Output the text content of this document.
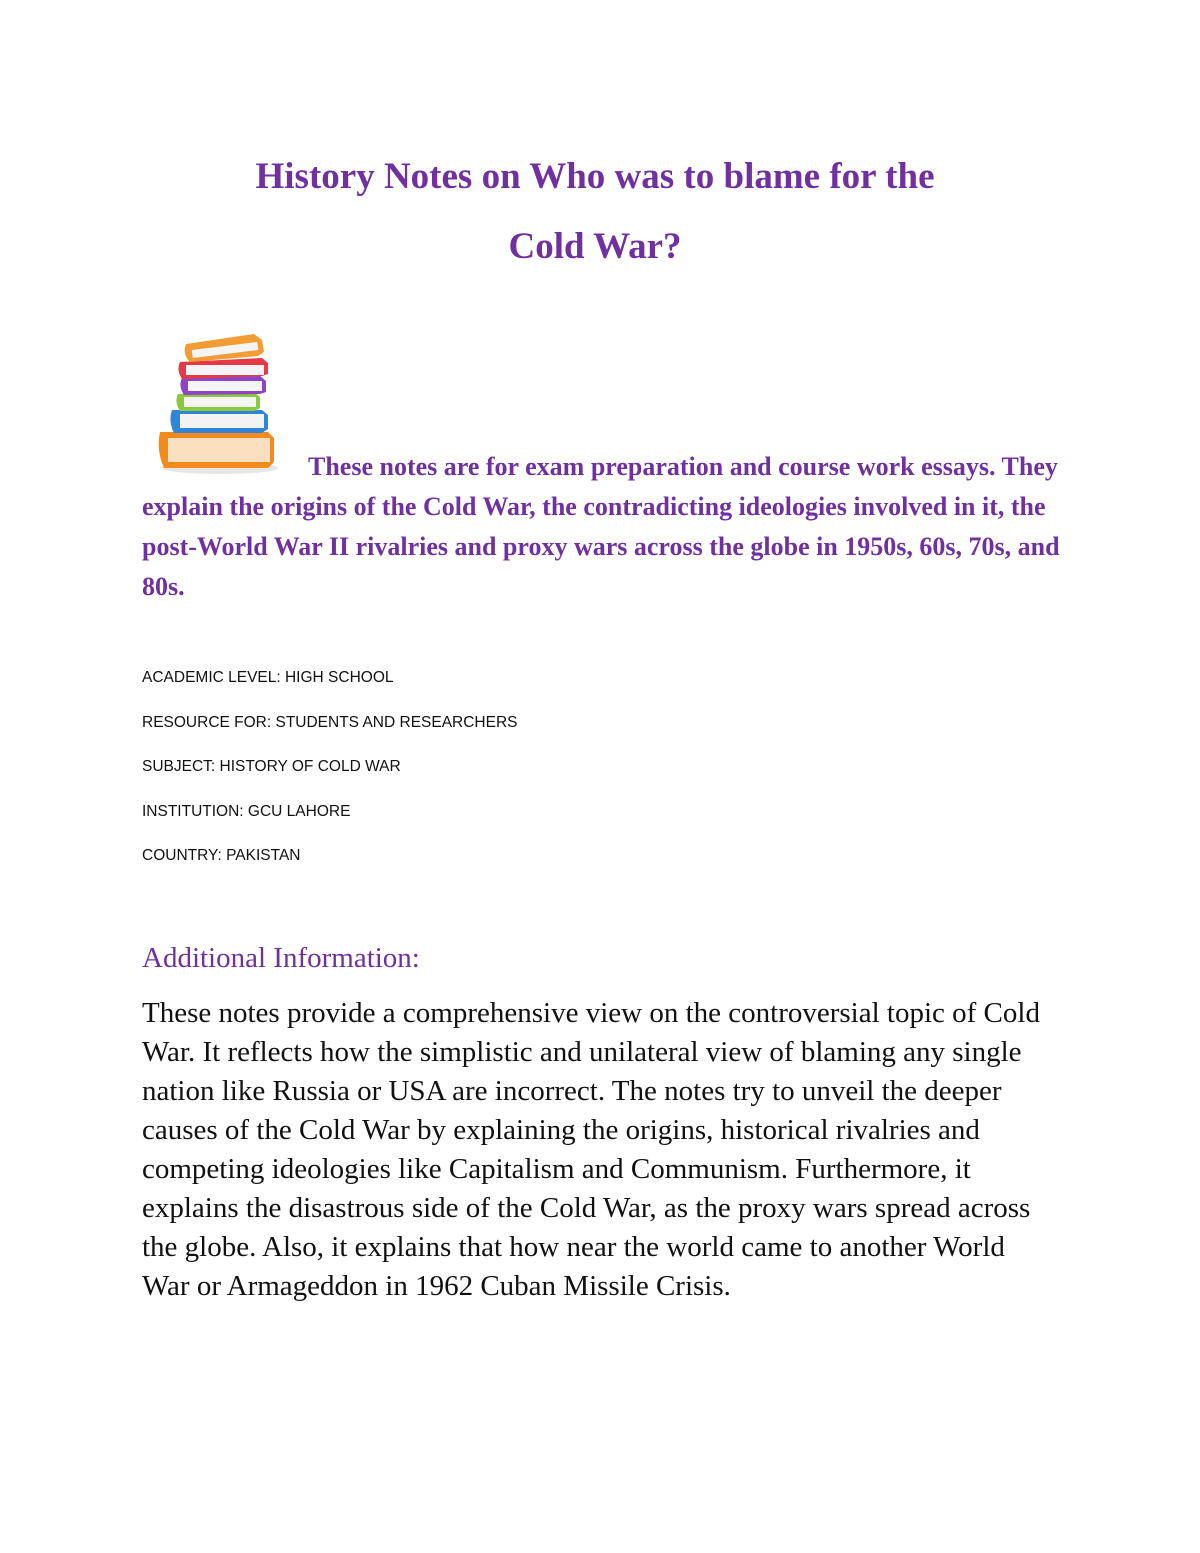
History Notes on Who was to blame for the
Cold War?

These notes are for exam preparation and course work essays. They explain the origins of the Cold War, the contradicting ideologies involved in it, the post-World War II rivalries and proxy wars across the globe in 1950s, 60s, 70s, and 80s.

ACADEMIC LEVEL: HIGH SCHOOL
RESOURCE FOR: STUDENTS AND RESEARCHERS
SUBJECT: HISTORY OF COLD WAR
INSTITUTION: GCU LAHORE
COUNTRY: PAKISTAN
Additional Information:

These notes provide a comprehensive view on the controversial topic of Cold War. It reflects how the simplistic and unilateral view of blaming any single nation like Russia or USA are incorrect. The notes try to unveil the deeper causes of the Cold War by explaining the origins, historical rivalries and competing ideologies like Capitalism and Communism. Furthermore, it explains the disastrous side of the Cold War, as the proxy wars spread across the globe. Also, it explains that how near the world came to another World War or Armageddon in 1962 Cuban Missile Crisis.
